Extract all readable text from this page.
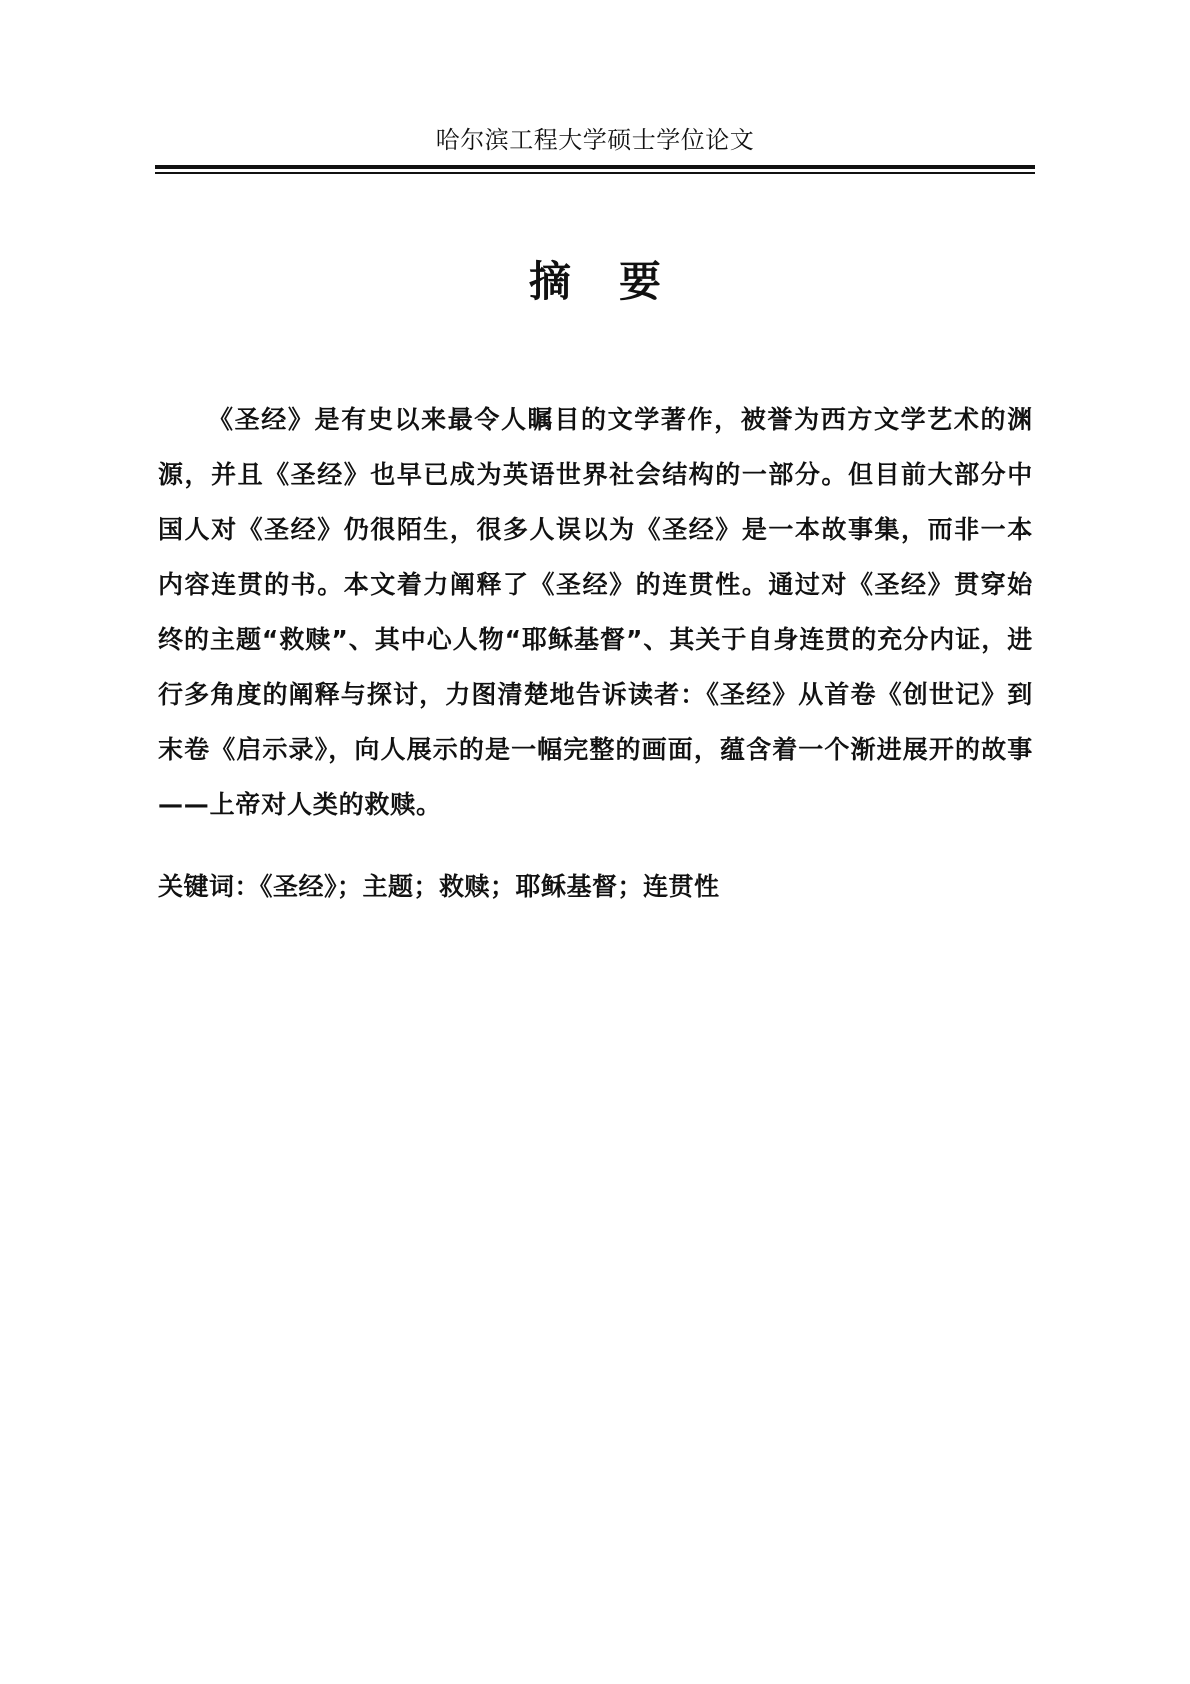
哈尔滨工程大学硕士学位论文
摘要

《圣经》是有史以来最令人瞩目的文学著作，被誉为西方文学艺术的渊源，并且《圣经》也早已成为英语世界社会结构的一部分。但目前大部分中国人对《圣经》仍很陌生，很多人误以为《圣经》是一本故事集，而非一本内容连贯的书。本文着力阐释了《圣经》的连贯性。通过对《圣经》贯穿始终的主题“救赎”、其中心人物“耶稣基督”、其关于自身连贯的充分内证，进行多角度的阐释与探讨，力图清楚地告诉读者：《圣经》从首卷《创世记》到末卷《启示录》，向人展示的是一幅完整的画面，蕴含着一个渐进展开的故事——上帝对人类的救赎。

关键词：《圣经》；主题；救赎；耶稣基督；连贯性
